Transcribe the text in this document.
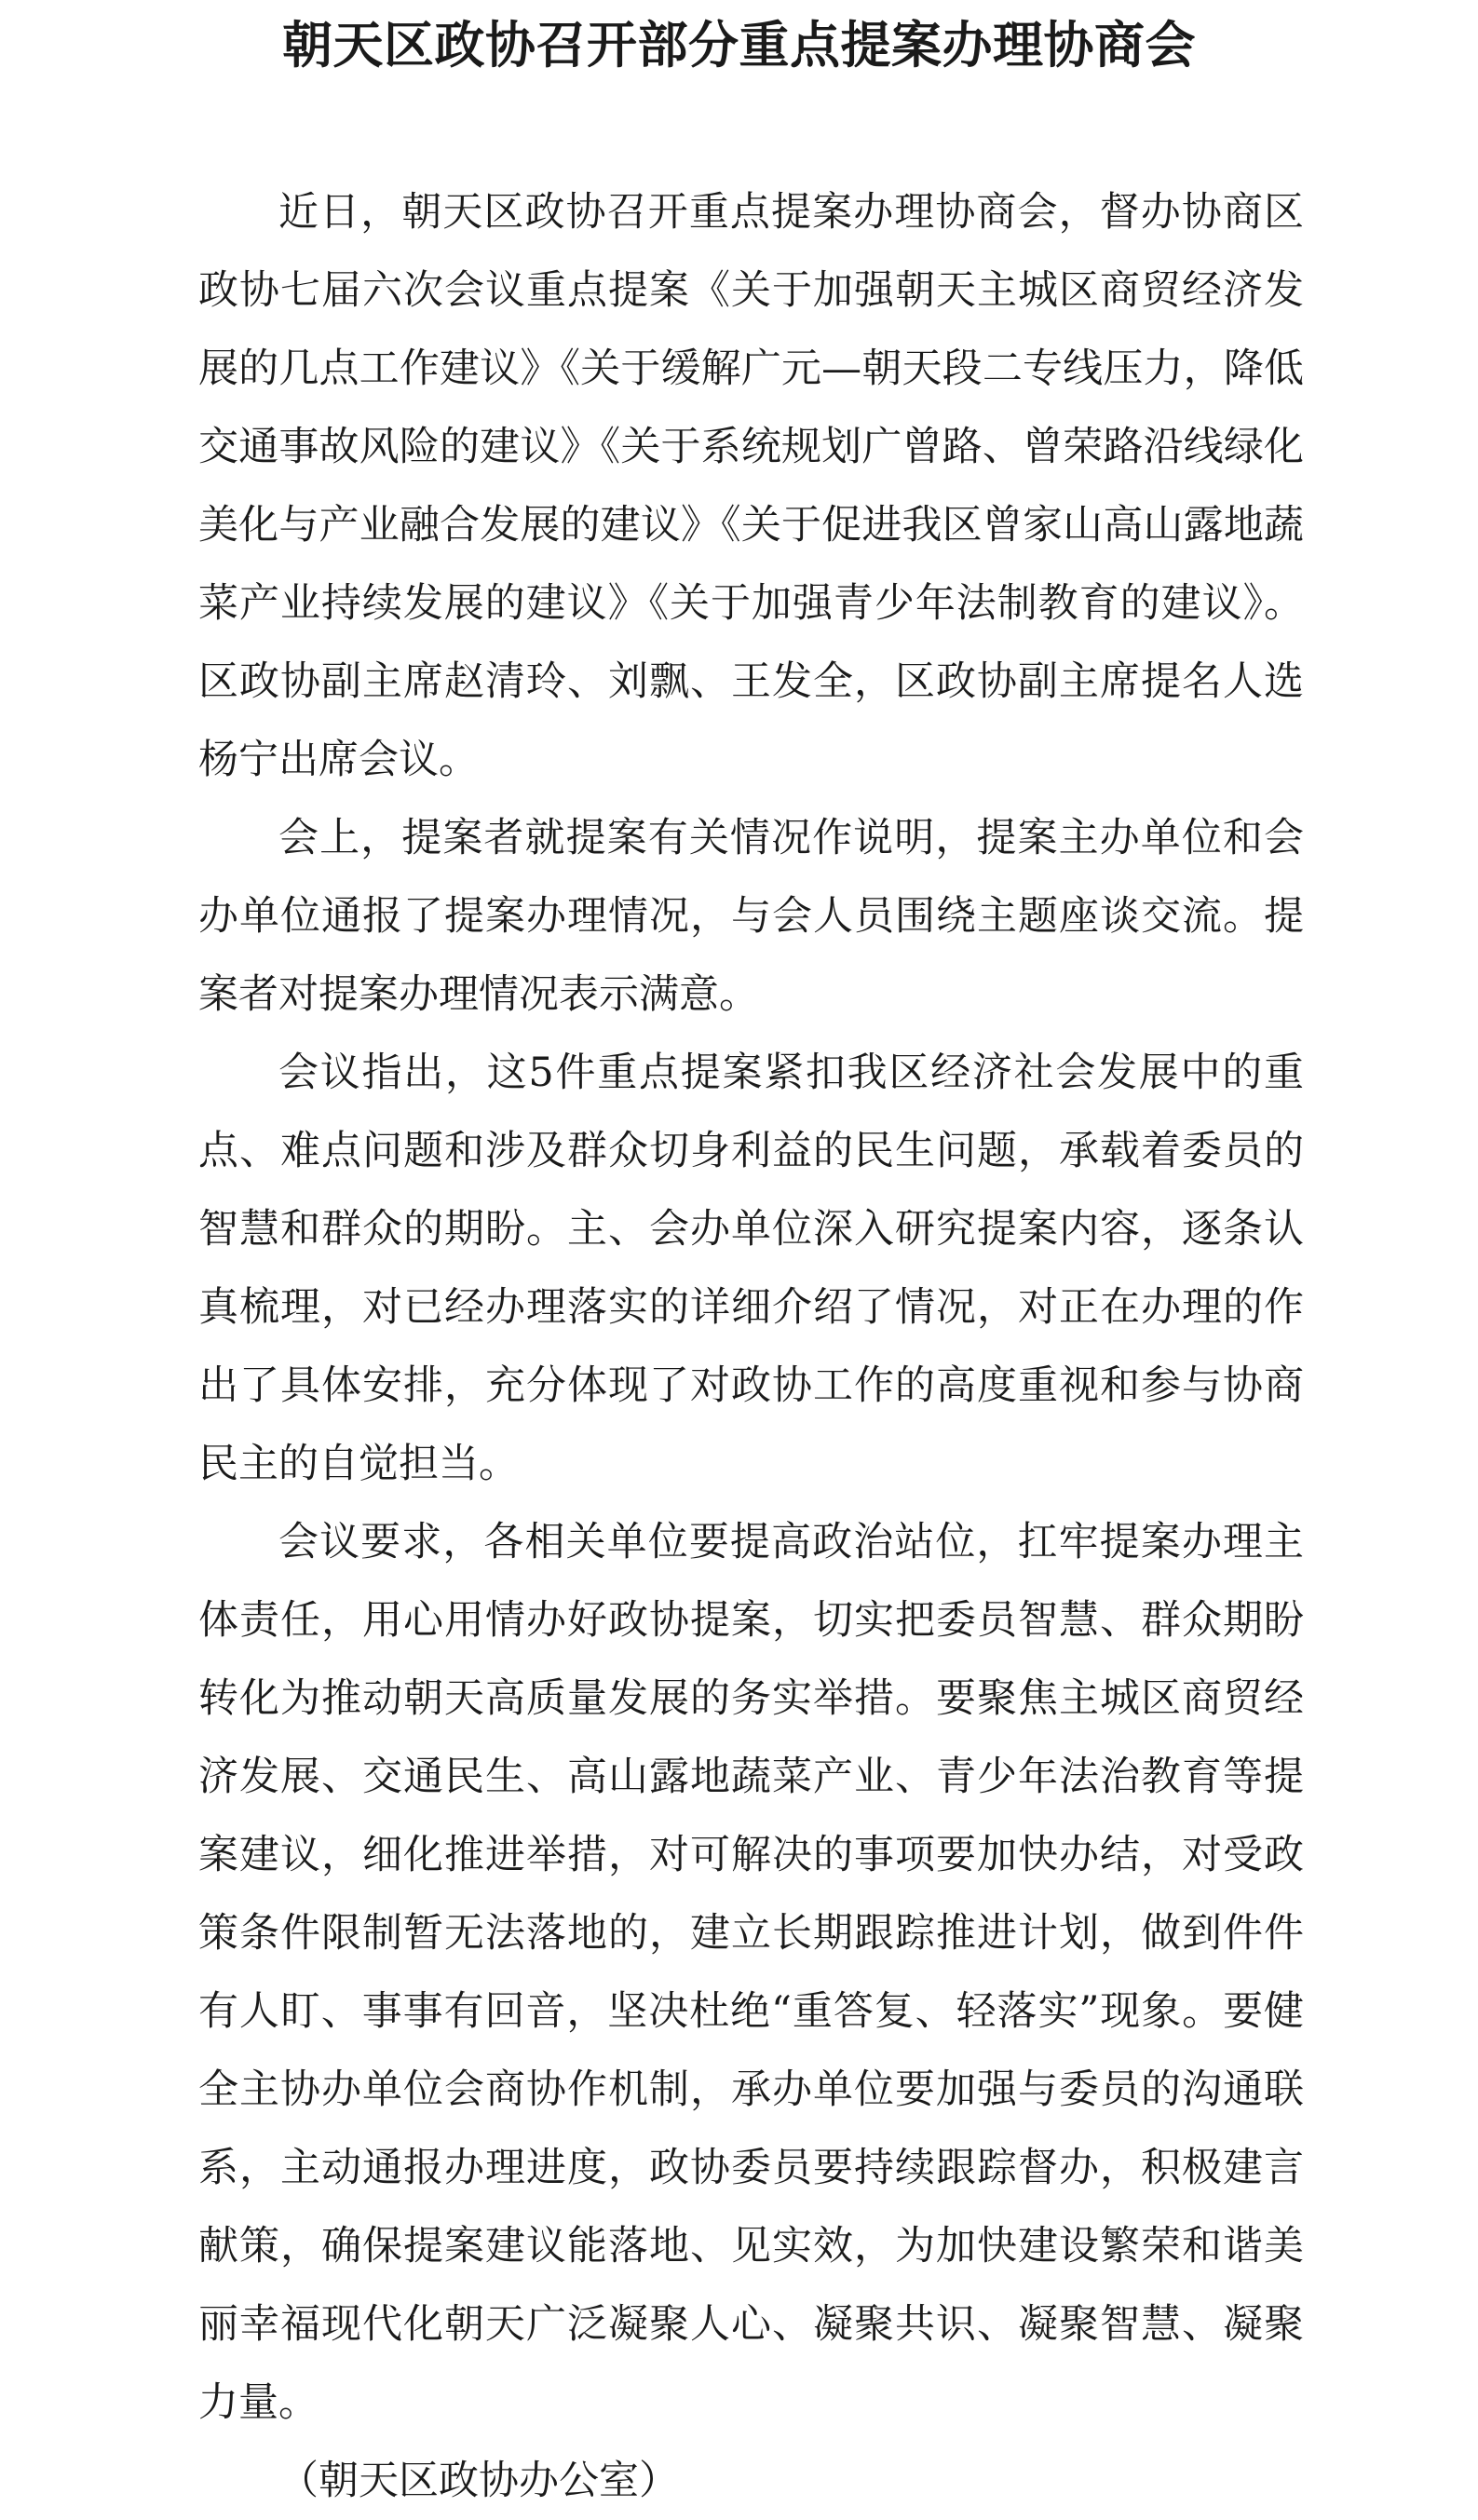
朝天区政协召开部分重点提案办理协商会

近日，朝天区政协召开重点提案办理协商会，督办协商区政协七届六次会议重点提案《关于加强朝天主城区商贸经济发展的几点工作建议》《关于缓解广元—朝天段二专线压力，降低交通事故风险的建议》《关于系统规划广曾路、曾荣路沿线绿化美化与产业融合发展的建议》《关于促进我区曾家山高山露地蔬菜产业持续发展的建议》《关于加强青少年法制教育的建议》。区政协副主席赵清玲、刘飘、王发全，区政协副主席提名人选杨宁出席会议。

会上，提案者就提案有关情况作说明，提案主办单位和会办单位通报了提案办理情况，与会人员围绕主题座谈交流。提案者对提案办理情况表示满意。

会议指出，这5件重点提案紧扣我区经济社会发展中的重点、难点问题和涉及群众切身利益的民生问题，承载着委员的智慧和群众的期盼。主、会办单位深入研究提案内容，逐条认真梳理，对已经办理落实的详细介绍了情况，对正在办理的作出了具体安排，充分体现了对政协工作的高度重视和参与协商民主的自觉担当。

会议要求，各相关单位要提高政治站位，扛牢提案办理主体责任，用心用情办好政协提案，切实把委员智慧、群众期盼转化为推动朝天高质量发展的务实举措。要聚焦主城区商贸经济发展、交通民生、高山露地蔬菜产业、青少年法治教育等提案建议，细化推进举措，对可解决的事项要加快办结，对受政策条件限制暂无法落地的，建立长期跟踪推进计划，做到件件有人盯、事事有回音，坚决杜绝“重答复、轻落实”现象。要健全主协办单位会商协作机制，承办单位要加强与委员的沟通联系，主动通报办理进度，政协委员要持续跟踪督办，积极建言献策，确保提案建议能落地、见实效，为加快建设繁荣和谐美丽幸福现代化朝天广泛凝聚人心、凝聚共识、凝聚智慧、凝聚力量。

（朝天区政协办公室）
